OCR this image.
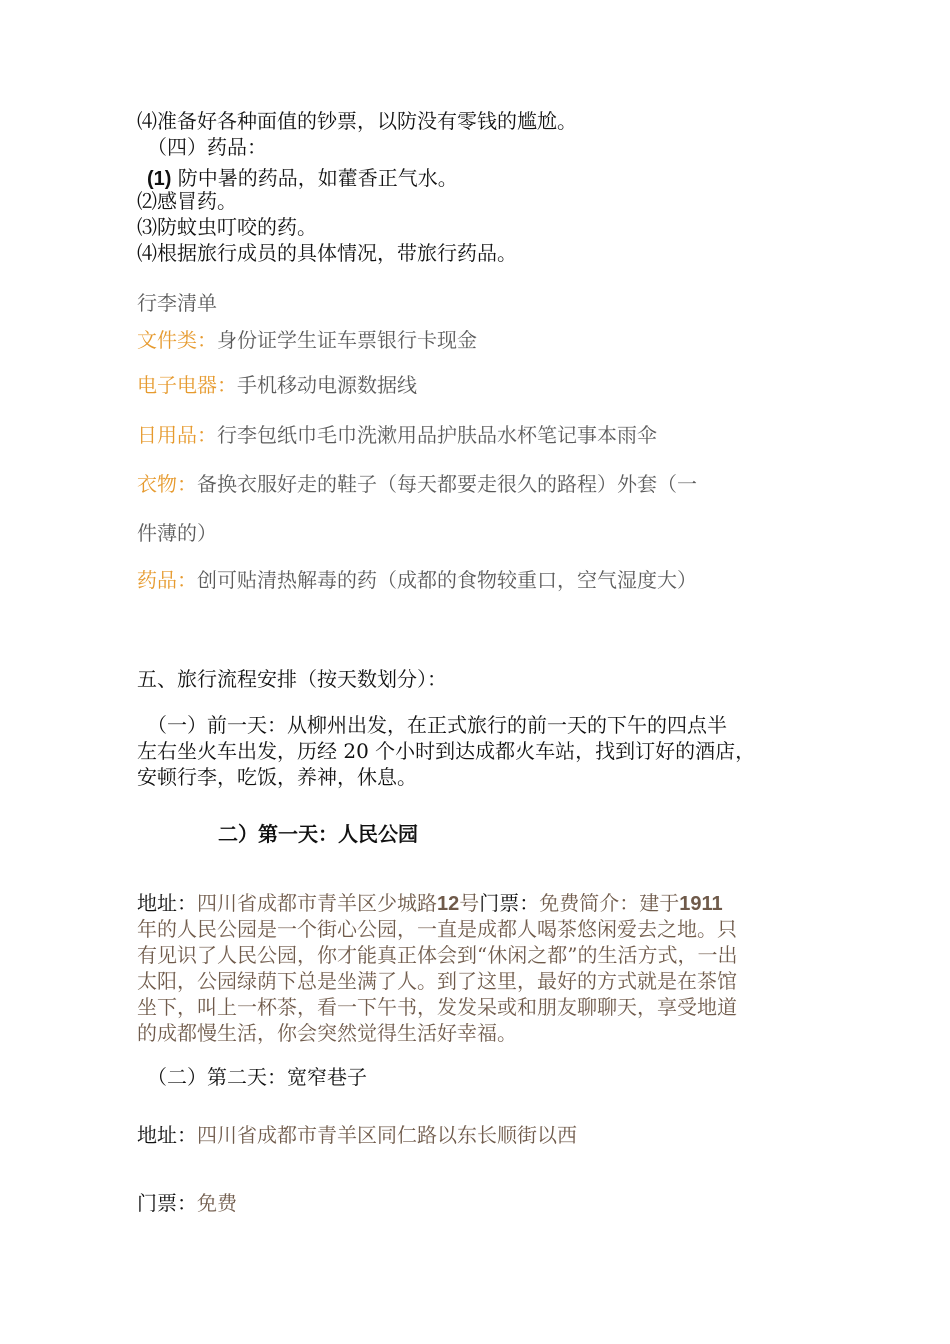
⑷准备好各种面值的钞票，以防没有零钱的尴尬。
（四）药品：
(1) 防中暑的药品，如藿香正气水。
⑵感冒药。
⑶防蚊虫叮咬的药。
⑷根据旅行成员的具体情况，带旅行药品。
行李清单
文件类：身份证学生证车票银行卡现金
电子电器：手机移动电源数据线
日用品：行李包纸巾毛巾洗漱用品护肤品水杯笔记事本雨伞
衣物：备换衣服好走的鞋子（每天都要走很久的路程）外套（一
件薄的）
药品：创可贴清热解毒的药（成都的食物较重口，空气湿度大）
五、旅行流程安排（按天数划分）：
（一）前一天：从柳州出发，在正式旅行的前一天的下午的四点半
左右坐火车出发，历经 20 个小时到达成都火车站，找到订好的酒店，
安顿行李，吃饭，养神，休息。
二）第一天：人民公园
地址：四川省成都市青羊区少城路12号门票：免费简介：建于1911
年的人民公园是一个街心公园，一直是成都人喝茶悠闲爱去之地。只
有见识了人民公园，你才能真正体会到“休闲之都”的生活方式，一出
太阳，公园绿荫下总是坐满了人。到了这里，最好的方式就是在茶馆
坐下，叫上一杯茶，看一下午书，发发呆或和朋友聊聊天，享受地道
的成都慢生活，你会突然觉得生活好幸福。
（二）第二天：宽窄巷子
地址：四川省成都市青羊区同仁路以东长顺街以西
门票：免费
